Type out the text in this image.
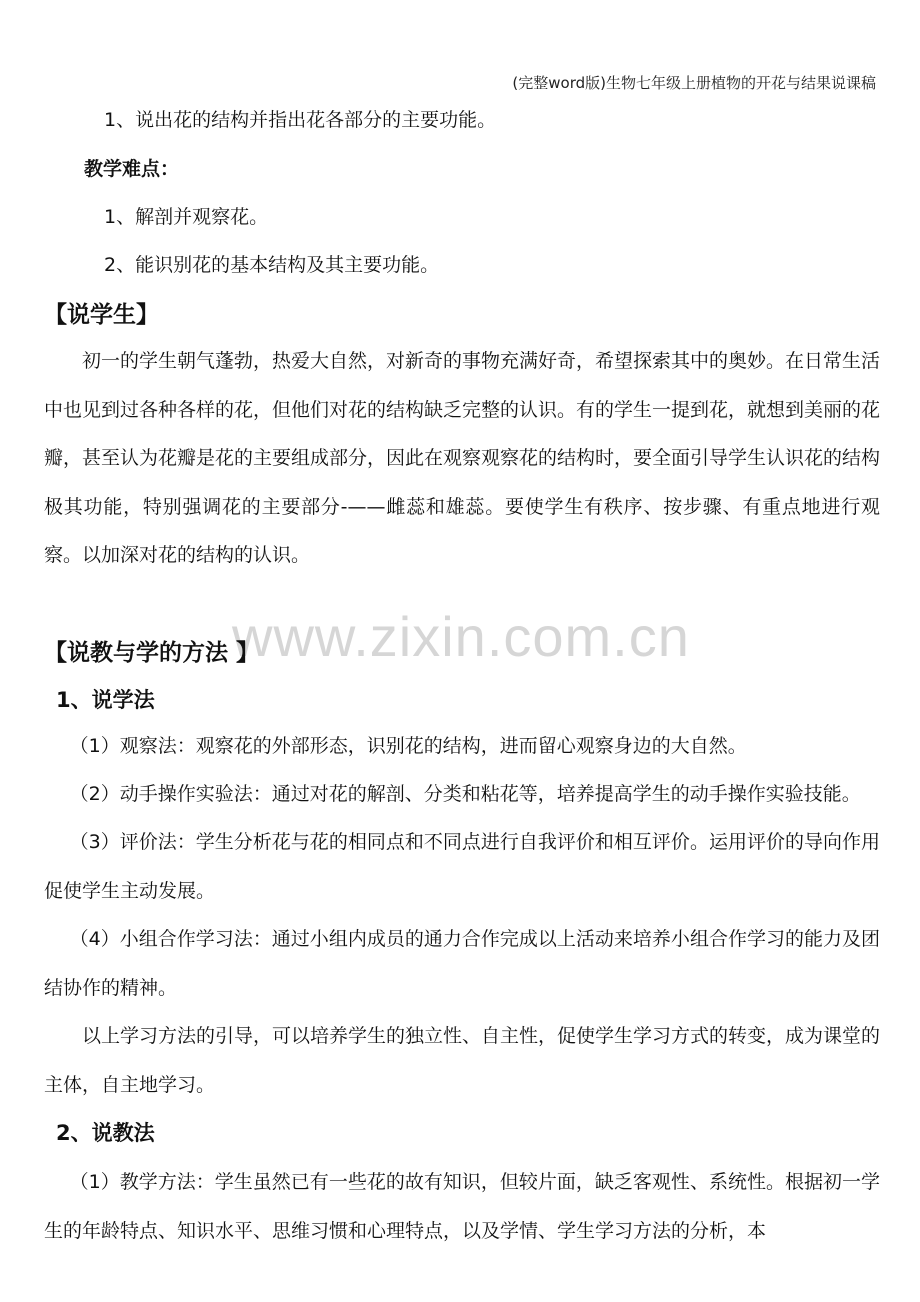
(完整word版)生物七年级上册植物的开花与结果说课稿
www.zixin.com.cn

1、说出花的结构并指出花各部分的主要功能。

教学难点：

1、解剖并观察花。

2、能识别花的基本结构及其主要功能。

【说学生】

初一的学生朝气蓬勃，热爱大自然，对新奇的事物充满好奇，希望探索其中的奥妙。在日常生活中也见到过各种各样的花，但他们对花的结构缺乏完整的认识。有的学生一提到花，就想到美丽的花瓣，甚至认为花瓣是花的主要组成部分，因此在观察观察花的结构时，要全面引导学生认识花的结构极其功能，特别强调花的主要部分-——雌蕊和雄蕊。要使学生有秩序、按步骤、有重点地进行观察。以加深对花的结构的认识。

【说教与学的方法 】

1、说学法

（1）观察法：观察花的外部形态，识别花的结构，进而留心观察身边的大自然。

（2）动手操作实验法：通过对花的解剖、分类和粘花等，培养提高学生的动手操作实验技能。

（3）评价法：学生分析花与花的相同点和不同点进行自我评价和相互评价。运用评价的导向作用促使学生主动发展。

（4）小组合作学习法：通过小组内成员的通力合作完成以上活动来培养小组合作学习的能力及团结协作的精神。

以上学习方法的引导，可以培养学生的独立性、自主性，促使学生学习方式的转变，成为课堂的主体，自主地学习。

2、说教法

（1）教学方法：学生虽然已有一些花的故有知识，但较片面，缺乏客观性、系统性。根据初一学生的年龄特点、知识水平、思维习惯和心理特点，以及学情、学生学习方法的分析，本
